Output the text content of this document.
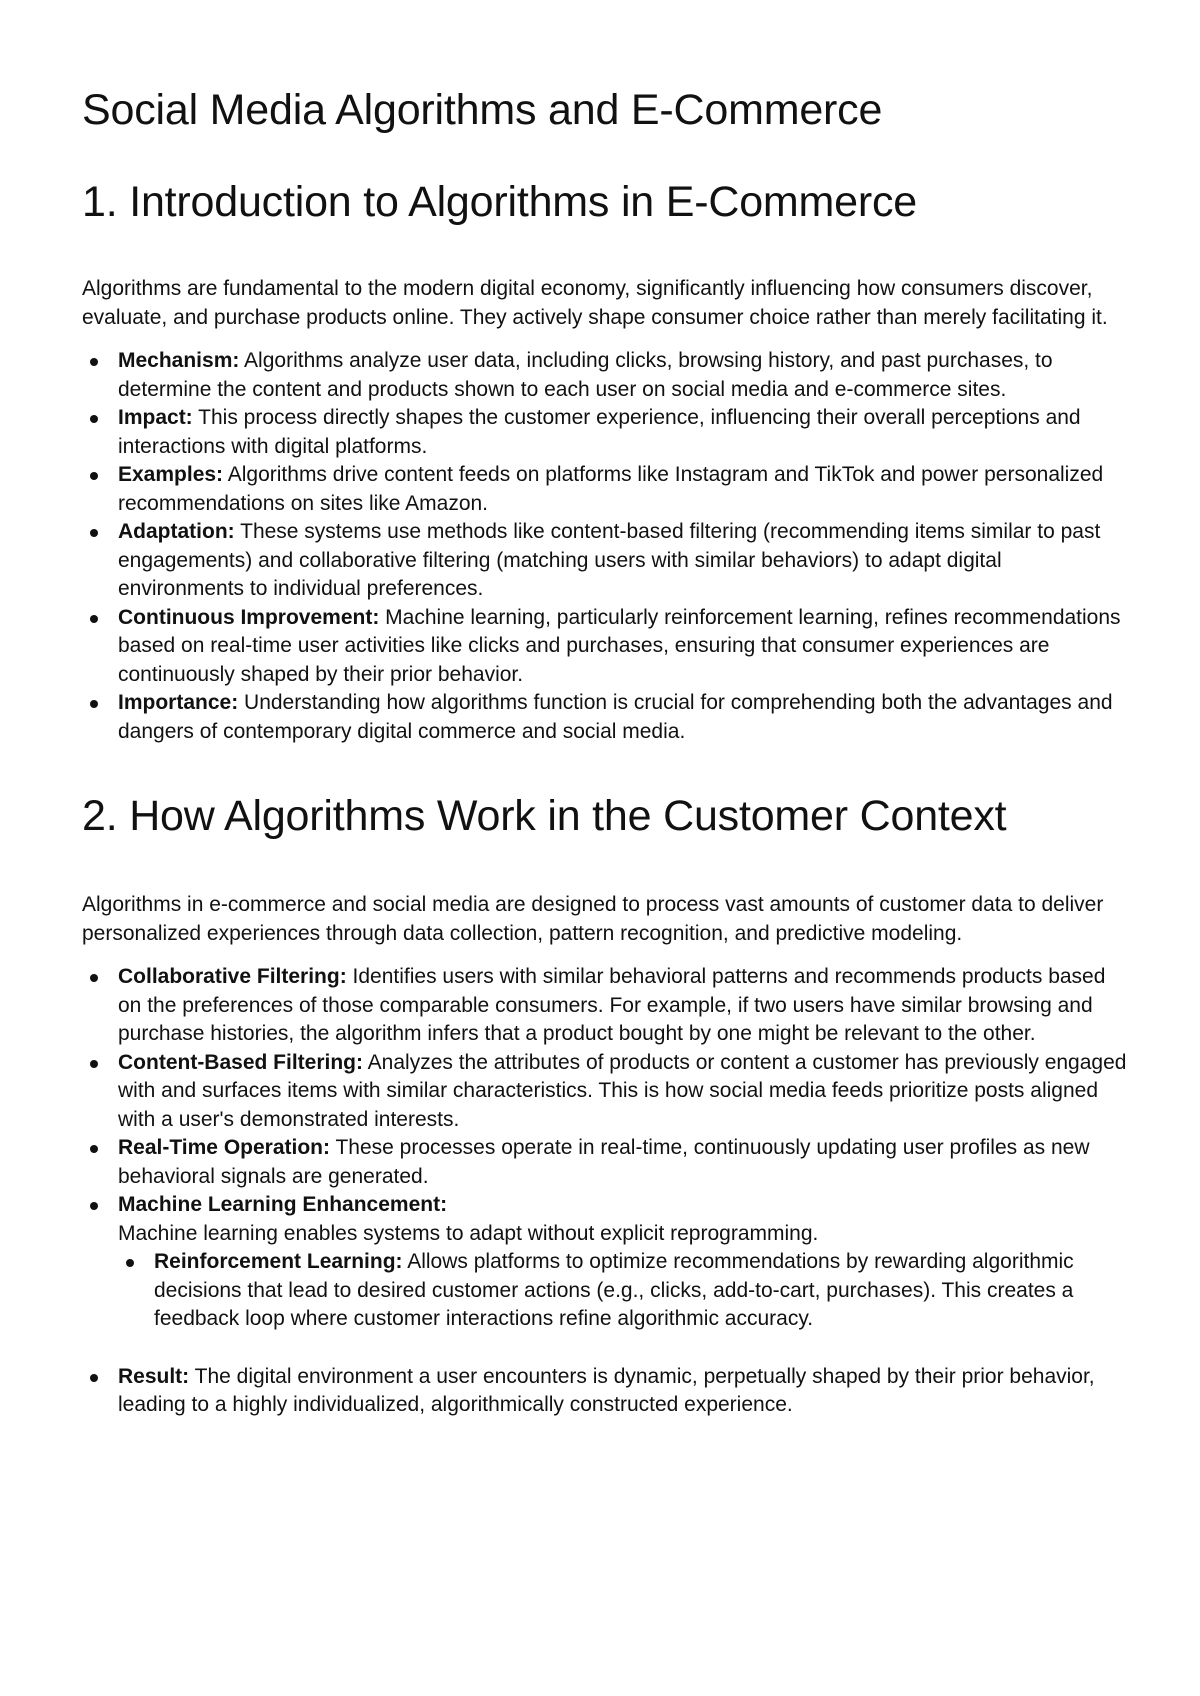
Social Media Algorithms and E-Commerce
1. Introduction to Algorithms in E-Commerce

Algorithms are fundamental to the modern digital economy, significantly influencing how consumers discover, evaluate, and purchase products online. They actively shape consumer choice rather than merely facilitating it.

Mechanism: Algorithms analyze user data, including clicks, browsing history, and past purchases, to determine the content and products shown to each user on social media and e-commerce sites.
Impact: This process directly shapes the customer experience, influencing their overall perceptions and interactions with digital platforms.
Examples: Algorithms drive content feeds on platforms like Instagram and TikTok and power personalized recommendations on sites like Amazon.
Adaptation: These systems use methods like content-based filtering (recommending items similar to past engagements) and collaborative filtering (matching users with similar behaviors) to adapt digital environments to individual preferences.
Continuous Improvement: Machine learning, particularly reinforcement learning, refines recommendations based on real-time user activities like clicks and purchases, ensuring that consumer experiences are continuously shaped by their prior behavior.
Importance: Understanding how algorithms function is crucial for comprehending both the advantages and dangers of contemporary digital commerce and social media.
2. How Algorithms Work in the Customer Context

Algorithms in e-commerce and social media are designed to process vast amounts of customer data to deliver personalized experiences through data collection, pattern recognition, and predictive modeling.

Collaborative Filtering: Identifies users with similar behavioral patterns and recommends products based on the preferences of those comparable consumers. For example, if two users have similar browsing and purchase histories, the algorithm infers that a product bought by one might be relevant to the other.
Content-Based Filtering: Analyzes the attributes of products or content a customer has previously engaged with and surfaces items with similar characteristics. This is how social media feeds prioritize posts aligned with a user's demonstrated interests.
Real-Time Operation: These processes operate in real-time, continuously updating user profiles as new behavioral signals are generated.
Machine Learning Enhancement:
Machine learning enables systems to adapt without explicit reprogramming.
Reinforcement Learning: Allows platforms to optimize recommendations by rewarding algorithmic decisions that lead to desired customer actions (e.g., clicks, add-to-cart, purchases). This creates a feedback loop where customer interactions refine algorithmic accuracy.
Result: The digital environment a user encounters is dynamic, perpetually shaped by their prior behavior, leading to a highly individualized, algorithmically constructed experience.
